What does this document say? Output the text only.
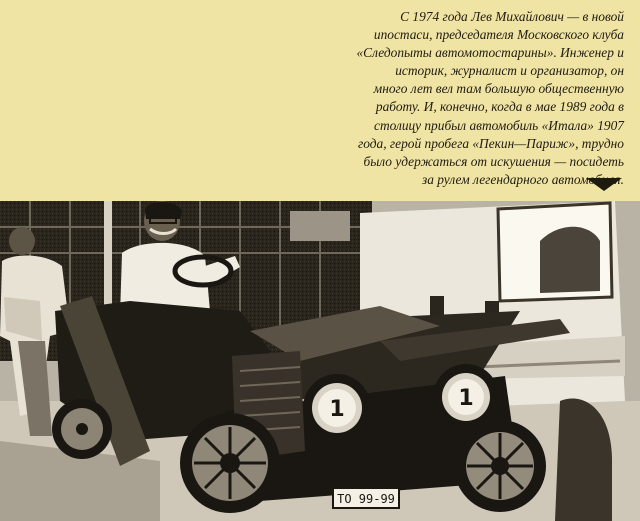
С 1974 года Лев Михайлович — в новой
ипостаси, председателя Московского клуба
«Следопыты автомотостарины». Инженер и
историк, журналист и организатор, он
много лет вел там большую общественную
работу. И, конечно, когда в мае 1989 года в
столицу прибыл автомобиль «Итала» 1907
года, герой пробега «Пекин—Париж», трудно
было удержаться от искушения — посидеть
за рулем легендарного автомобиля.

1	1
ТО 99-99
